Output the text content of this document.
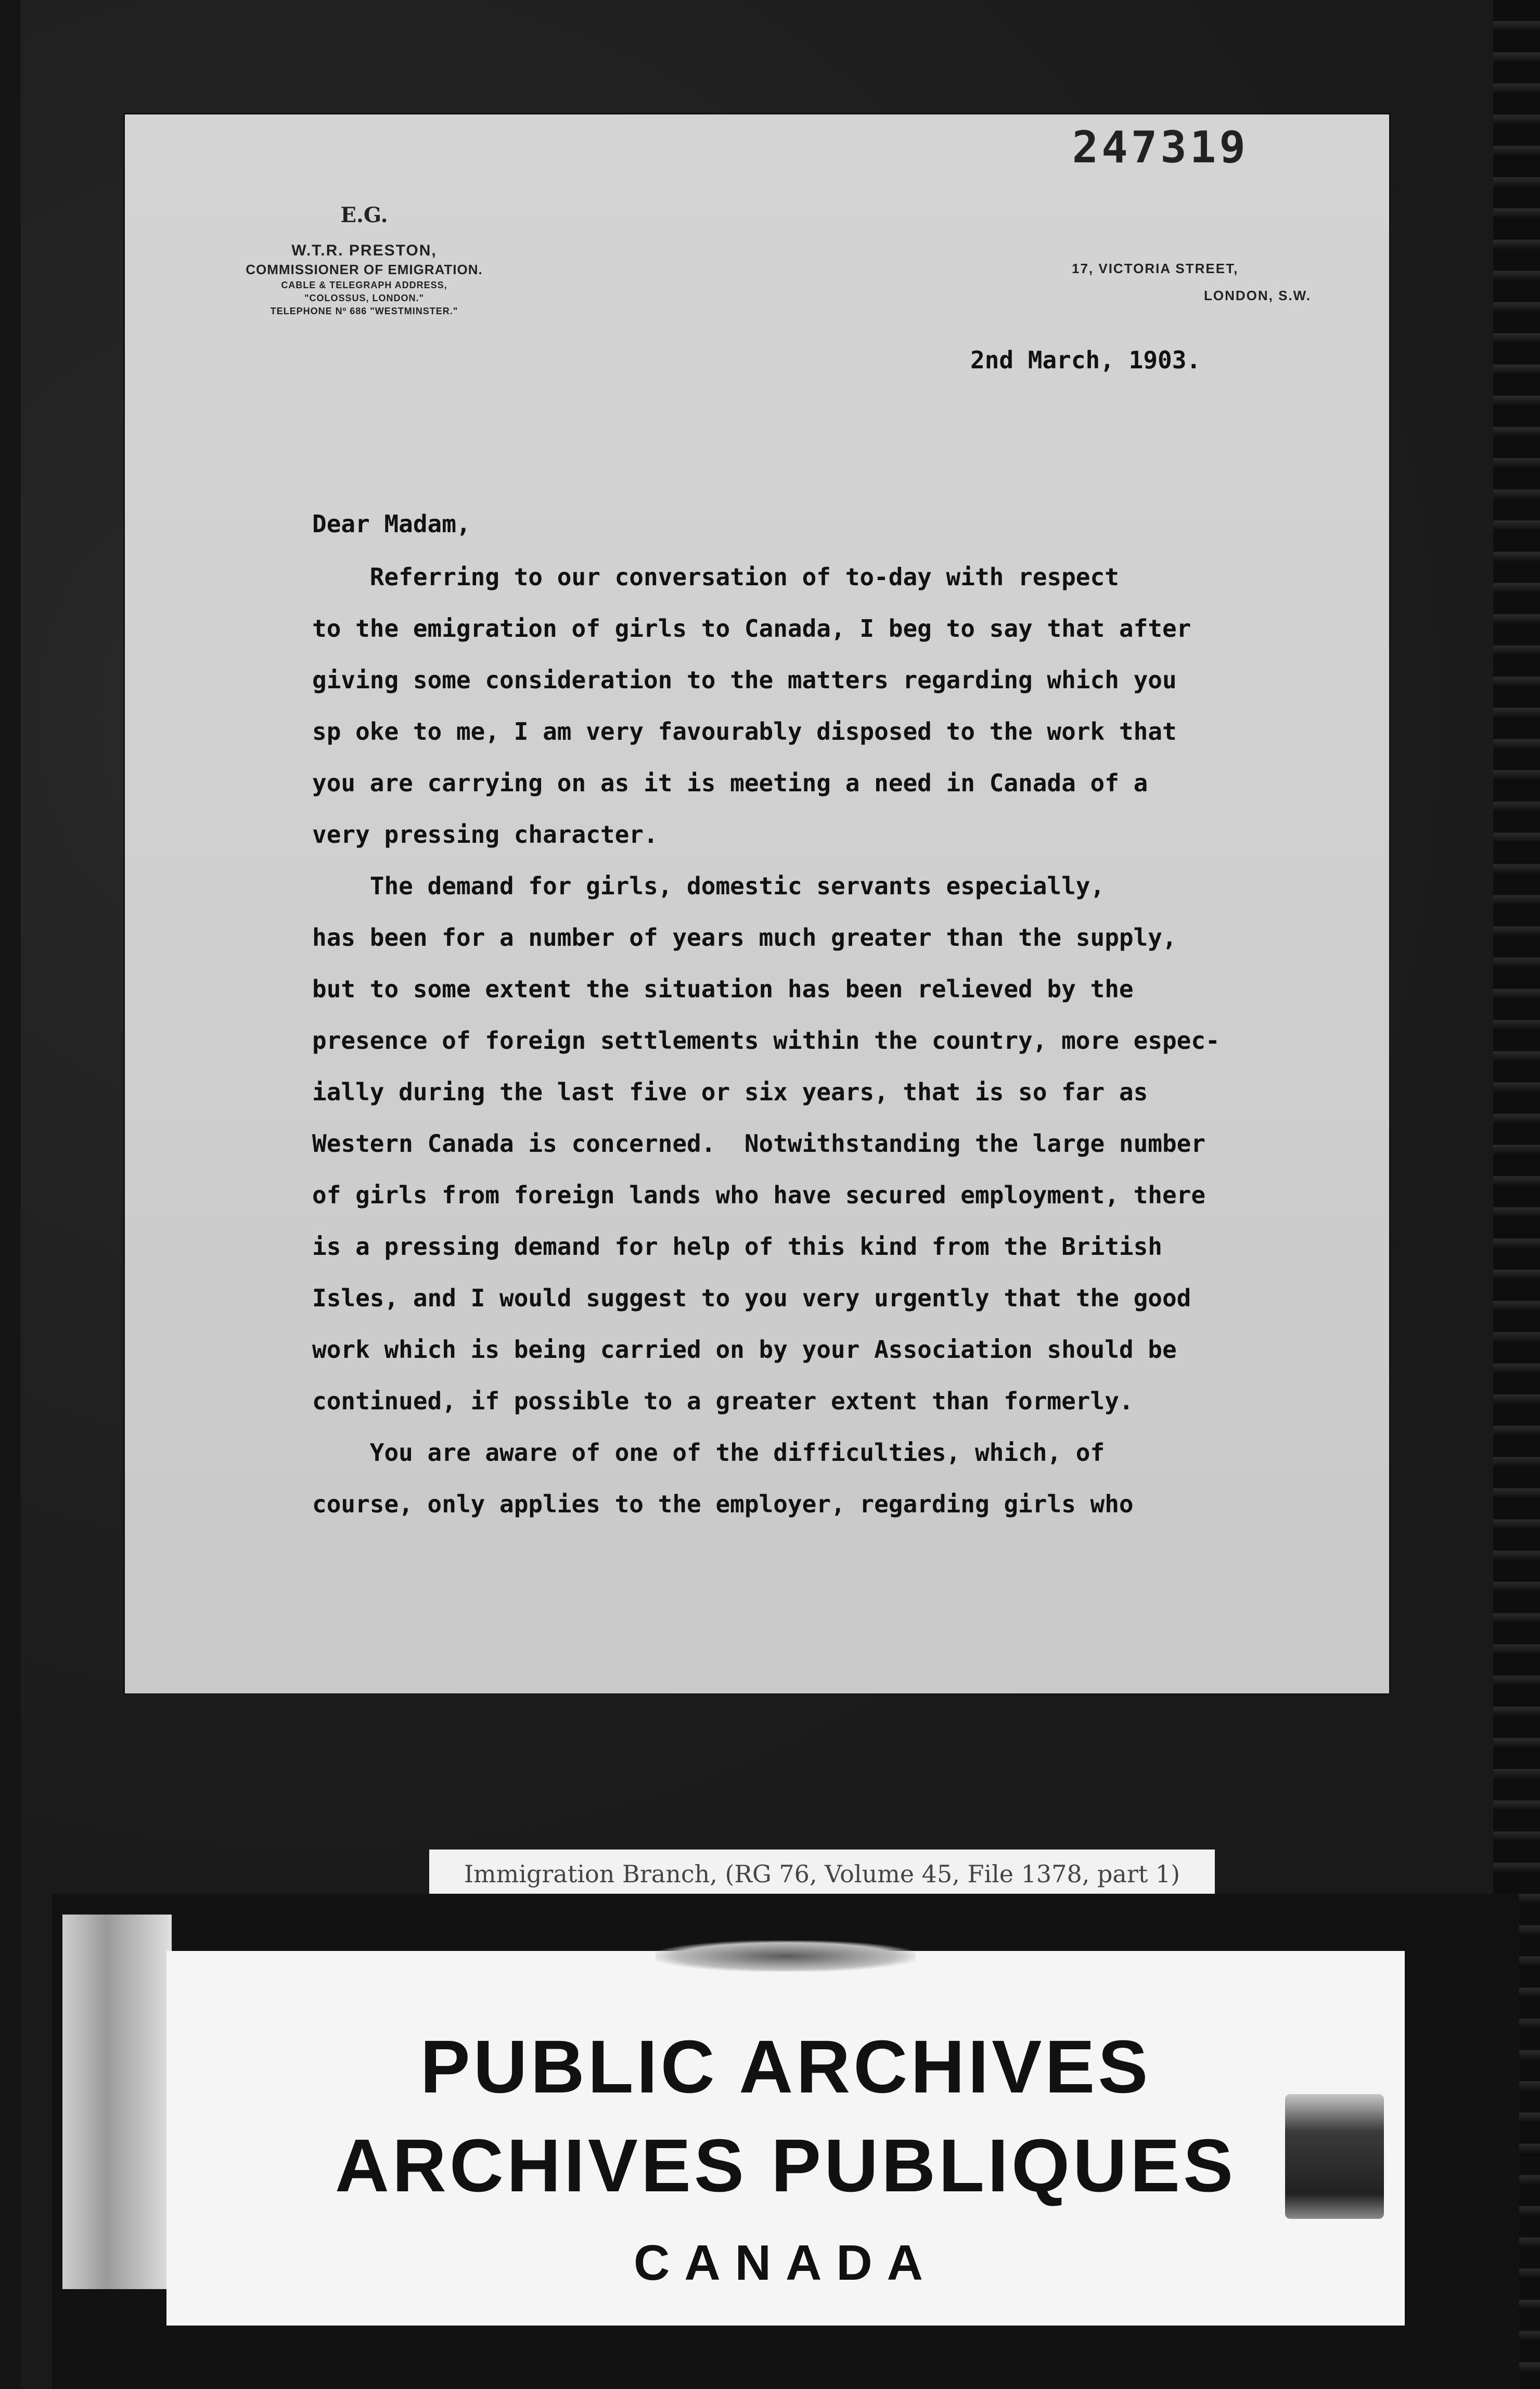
247319
E.G.
W.T.R. PRESTON,
COMMISSIONER OF EMIGRATION.
CABLE & TELEGRAPH ADDRESS,
"COLOSSUS, LONDON."
TELEPHONE Nº 686 "WESTMINSTER."
17, VICTORIA STREET,
LONDON, S.W.
2nd March, 1903.
Dear Madam,
Referring to our conversation of to-day with respect
to the emigration of girls to Canada, I beg to say that after
giving some consideration to the matters regarding which you
sp oke to me, I am very favourably disposed to the work that
you are carrying on as it is meeting a need in Canada of a
very pressing character.
The demand for girls, domestic servants especially,
has been for a number of years much greater than the supply,
but to some extent the situation has been relieved by the
presence of foreign settlements within the country, more espec-
ially during the last five or six years, that is so far as
Western Canada is concerned.  Notwithstanding the large number
of girls from foreign lands who have secured employment, there
is a pressing demand for help of this kind from the British
Isles, and I would suggest to you very urgently that the good
work which is being carried on by your Association should be
continued, if possible to a greater extent than formerly.
You are aware of one of the difficulties, which, of
course, only applies to the employer, regarding girls who
Immigration Branch, (RG 76, Volume 45, File 1378, part 1)
PUBLIC ARCHIVES
ARCHIVES PUBLIQUES
CANADA
